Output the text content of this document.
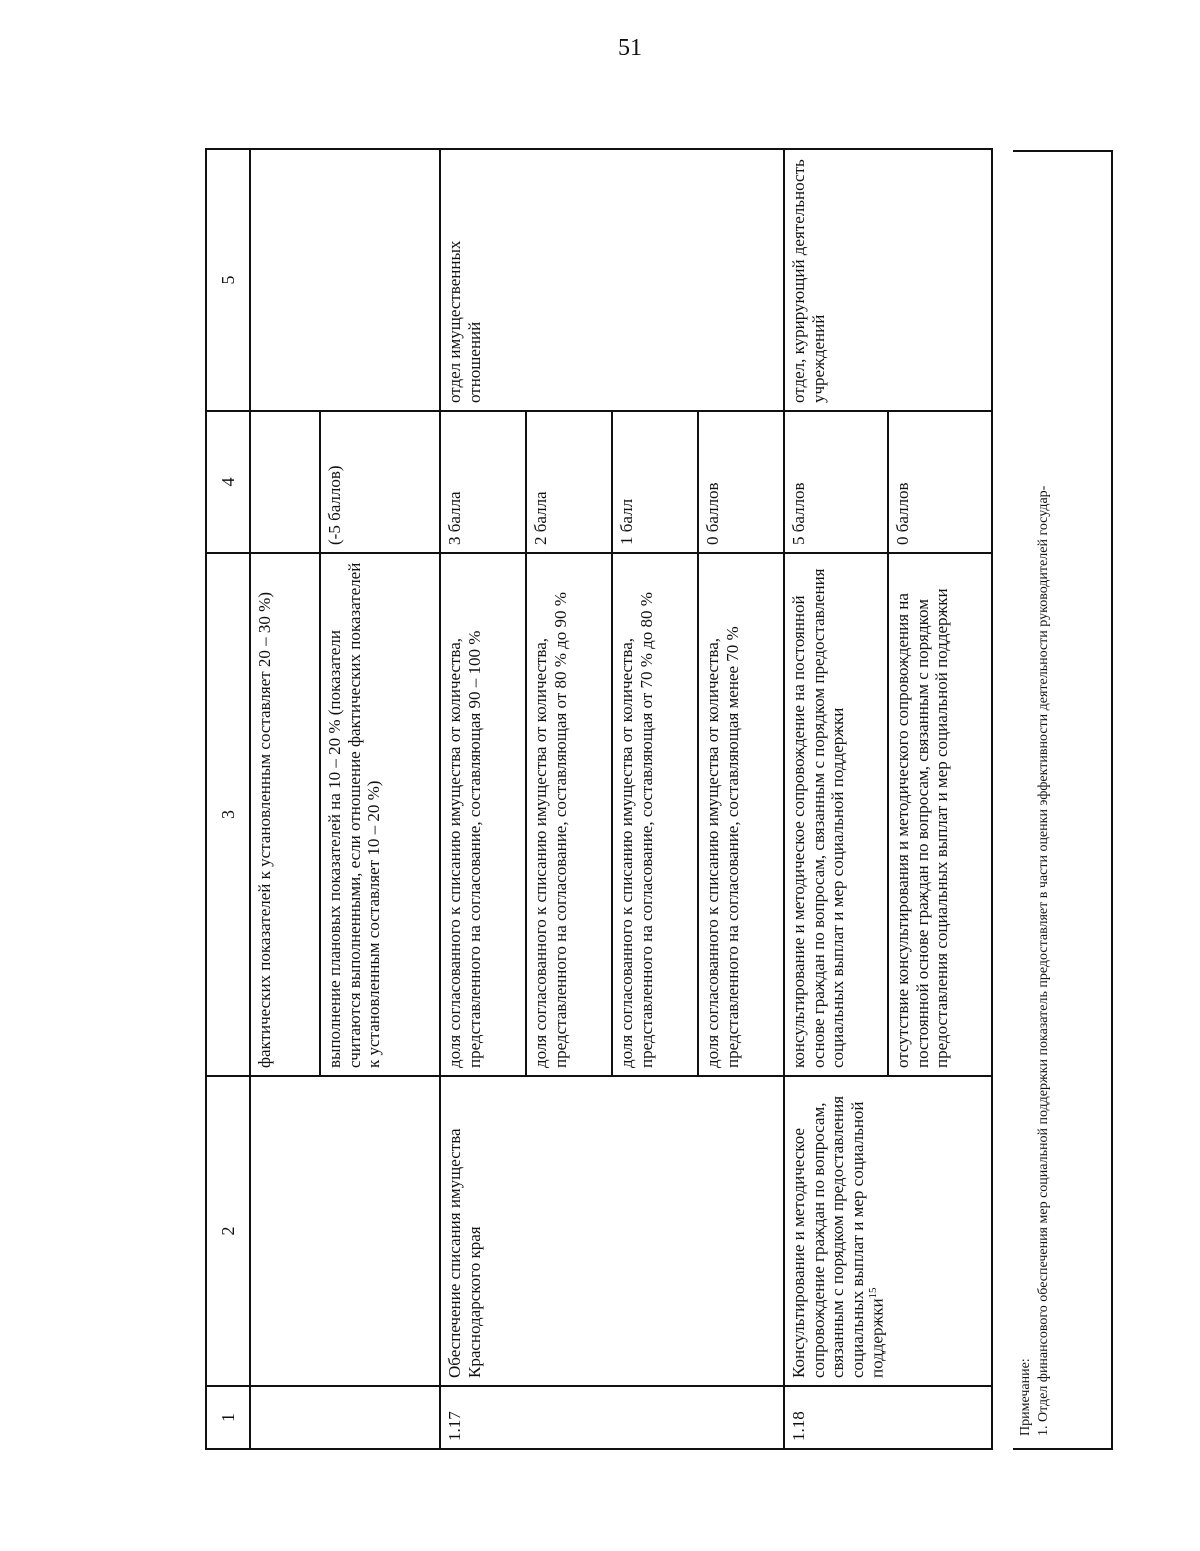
51
1	2	3	4	5
		фактических показателей к установленным составляет 20 – 30 %)		
		выполнение плановых показателей на 10 – 20 % (показатели считаются выполненными, если отношение фактических показателей к установленным составляет 10 – 20 %)	(-5 баллов)	
1.17	Обеспечение списания имущества Краснодарского края	доля согласованного к списанию имущества от количества, представленного на согласование, составляющая 90 – 100 %	3 балла	отдел имущественных отношений
		доля согласованного к списанию имущества от количества, представленного на согласование, составляющая от 80 % до 90 %	2 балла	
		доля согласованного к списанию имущества от количества, представленного на согласование, составляющая от 70 % до 80 %	1 балл	
		доля согласованного к списанию имущества от количества, представленного на согласование, составляющая менее 70 %	0 баллов	
1.18	Консультирование и методическое сопровождение граждан по вопросам, связанным с порядком предоставления социальных выплат и мер социальной поддержки$^{15}$	консультирование и методическое сопровождение на постоянной основе граждан по вопросам, связанным с порядком предоставления социальных выплат и мер социальной поддержки	5 баллов	отдел, курирующий деятельность учреждений
		отсутствие консультирования и методического сопровождения на постоянной основе граждан по вопросам, связанным с порядком предоставления социальных выплат и мер социальной поддержки	0 баллов	
Примечание: 1. Отдел финансового обеспечения мер социальной поддержки показатель предоставляет в части оценки эффективности деятельности руководителей государ-
